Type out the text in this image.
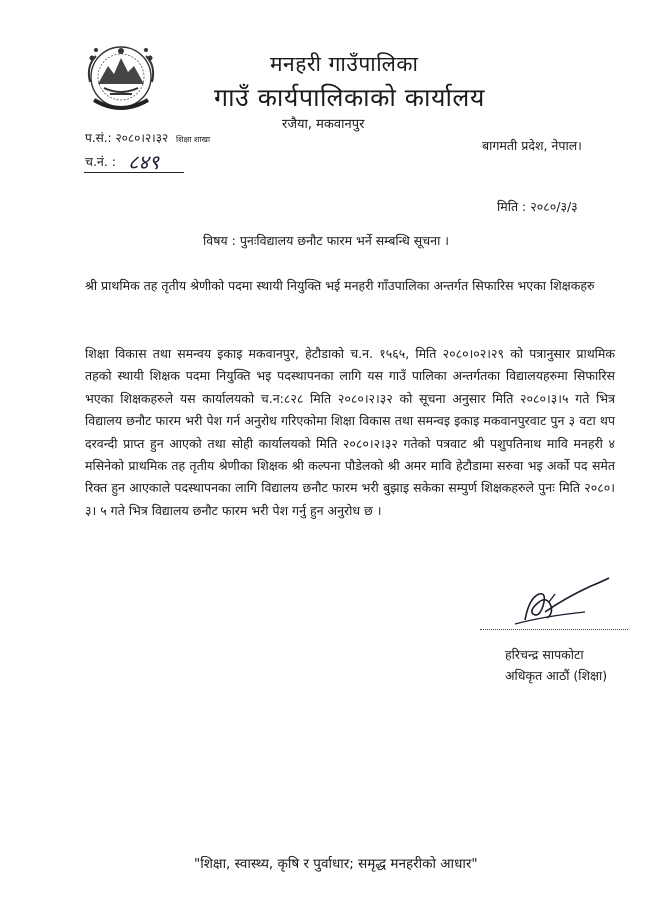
मनहरी गाउँपालिका
गाउँ कार्यपालिकाको कार्यालय
रजैया, मकवानपुर
प.सं.: २०८०।२।३२ शिक्षा शाखा	बागमती प्रदेश, नेपाल।
च.नं. : ८४९
मिति : २०८०/३/३
विषय : पुनःविद्यालय छनौट फारम भर्ने सम्बन्धि सूचना ।
श्री प्राथमिक तह तृतीय श्रेणीको पदमा स्थायी नियुक्ति भई मनहरी गाँउपालिका अन्तर्गत सिफारिस भएका शिक्षकहरु
शिक्षा विकास तथा समन्वय इकाइ मकवानपुर, हेटौडाको च.न. १५६५, मिति २०८०।०२।२९ को पत्रानुसार प्राथमिक तहको स्थायी शिक्षक पदमा नियुक्ति भइ पदस्थापनका लागि यस गाउँ पालिका अन्तर्गतका विद्यालयहरुमा सिफारिस भएका शिक्षकहरुले यस कार्यालयको च.न:८२८ मिति २०८०।२।३२ को सूचना अनुसार मिति २०८०।३।५ गते भित्र विद्यालय छनौट फारम भरी पेश गर्न अनुरोध गरिएकोमा शिक्षा विकास तथा समन्वइ इकाइ मकवानपुरवाट पुन ३ वटा थप दरवन्दी प्राप्त हुन आएको तथा सोही कार्यालयको मिति २०८०।२।३२ गतेको पत्रवाट श्री पशुपतिनाथ मावि मनहरी ४ मसिनेको प्राथमिक तह तृतीय श्रेणीका शिक्षक श्री कल्पना पौडेलको श्री अमर मावि हेटौडामा सरुवा भइ अर्को पद समेत रिक्त हुन आएकाले पदस्थापनका लागि विद्यालय छनौट फारम भरी बुझाइ सकेका सम्पुर्ण शिक्षकहरुले पुनः मिति २०८०।३। ५ गते भित्र विद्यालय छनौट फारम भरी पेश गर्नु हुन अनुरोध छ ।
हरिचन्द्र सापकोटा
अधिकृत आठौं (शिक्षा)
"शिक्षा, स्वास्थ्य, कृषि र पुर्वाधार; समृद्ध मनहरीको आधार"
